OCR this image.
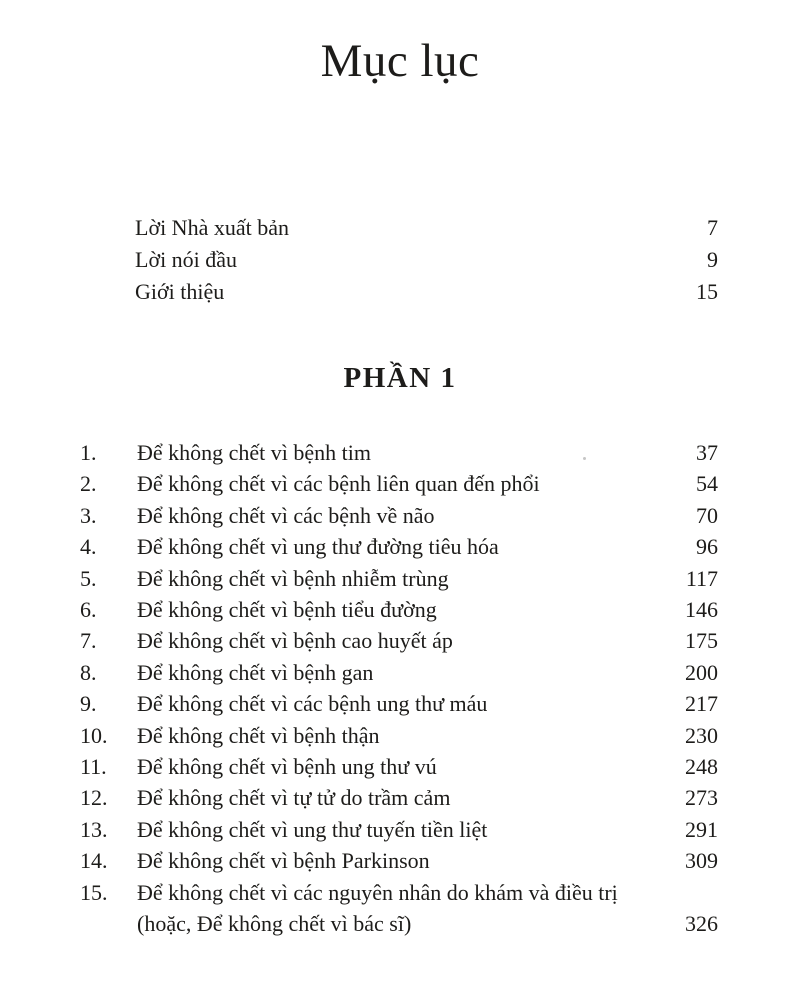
Mục lục
Lời Nhà xuất bản	7
Lời nói đầu	9
Giới thiệu	15
PHẦN 1
1.	Để không chết vì bệnh tim	37
2.	Để không chết vì các bệnh liên quan đến phổi	54
3.	Để không chết vì các bệnh về não	70
4.	Để không chết vì ung thư đường tiêu hóa	96
5.	Để không chết vì bệnh nhiễm trùng	117
6.	Để không chết vì bệnh tiểu đường	146
7.	Để không chết vì bệnh cao huyết áp	175
8.	Để không chết vì bệnh gan	200
9.	Để không chết vì các bệnh ung thư máu	217
10.	Để không chết vì bệnh thận	230
11.	Để không chết vì bệnh ung thư vú	248
12.	Để không chết vì tự tử do trầm cảm	273
13.	Để không chết vì ung thư tuyến tiền liệt	291
14.	Để không chết vì bệnh Parkinson	309
15.	Để không chết vì các nguyên nhân do khám và điều trị
(hoặc, Để không chết vì bác sĩ)	326
